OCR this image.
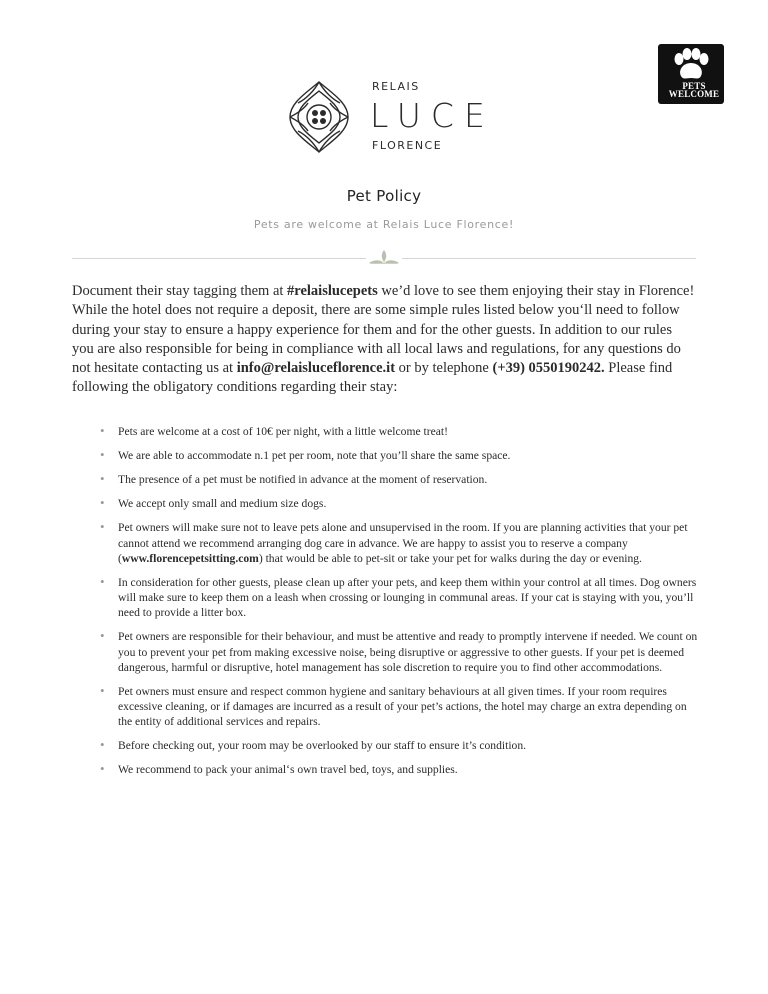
RELAIS
LUCE
FLORENCE
PETS
WELCOME
Pet Policy
Pets are welcome at Relais Luce Florence!

Document their stay tagging them at #relaislucepets we’d love to see them enjoying their stay in Florence!

While the hotel does not require a deposit, there are some simple rules listed below you‘ll need to follow during your stay to ensure a happy experience for them and for the other guests. In addition to our rules you are also responsible for being in compliance with all local laws and regulations, for any questions do not hesitate contacting us at info@relaisluceflorence.it or by telephone (+39) 0550190242. Please find following the obligatory conditions regarding their stay:

• Pets are welcome at a cost of 10€ per night, with a little welcome treat!
• We are able to accommodate n.1 pet per room, note that you’ll share the same space.
• The presence of a pet must be notified in advance at the moment of reservation.
• We accept only small and medium size dogs.
• Pet owners will make sure not to leave pets alone and unsupervised in the room. If you are planning activities that your pet cannot attend we recommend arranging dog care in advance. We are happy to assist you to reserve a company (www.florencepetsitting.com) that would be able to pet-sit or take your pet for walks during the day or evening.
• In consideration for other guests, please clean up after your pets, and keep them within your control at all times. Dog owners will make sure to keep them on a leash when crossing or lounging in communal areas. If your cat is staying with you, you’ll need to provide a litter box.
• Pet owners are responsible for their behaviour, and must be attentive and ready to promptly intervene if needed. We count on you to prevent your pet from making excessive noise, being disruptive or aggressive to other guests. If your pet is deemed dangerous, harmful or disruptive, hotel management has sole discretion to require you to find other accommodations.
• Pet owners must ensure and respect common hygiene and sanitary behaviours at all given times. If your room requires excessive cleaning, or if damages are incurred as a result of your pet’s actions, the hotel may charge an extra depending on the entity of additional services and repairs.
• Before checking out, your room may be overlooked by our staff to ensure it’s condition.
• We recommend to pack your animal‘s own travel bed, toys, and supplies.
